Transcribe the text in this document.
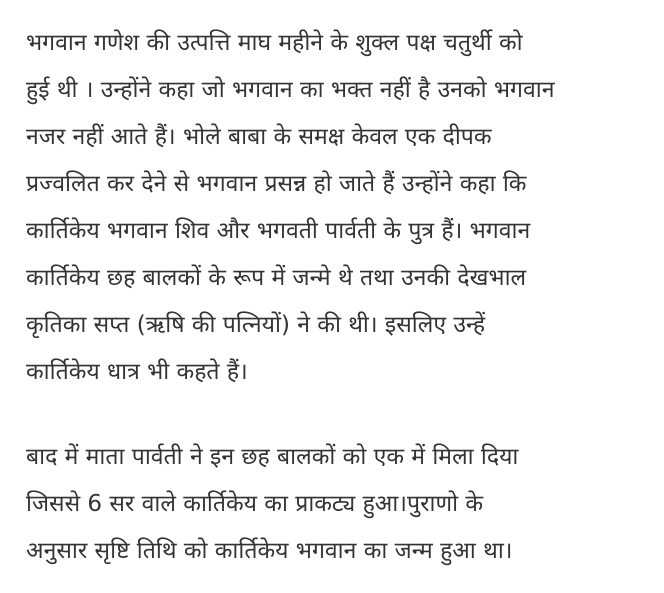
भगवान गणेश की उत्पत्ति माघ महीने के शुक्ल पक्ष चतुर्थी को
हुई थी । उन्होंने कहा जो भगवान का भक्त नहीं है उनको भगवान
नजर नहीं आते हैं। भोले बाबा के समक्ष केवल एक दीपक
प्रज्वलित कर देने से भगवान प्रसन्न हो जाते हैं उन्होंने कहा कि
कार्तिकेय भगवान शिव और भगवती पार्वती के पुत्र हैं। भगवान
कार्तिकेय छह बालकों के रूप में जन्मे थे तथा उनकी देखभाल
कृतिका सप्त (ऋषि की पत्नियों) ने की थी। इसलिए उन्हें
कार्तिकेय धात्र भी कहते हैं।
बाद में माता पार्वती ने इन छह बालकों को एक में मिला दिया
जिससे 6 सर वाले कार्तिकेय का प्राकट्य हुआ।पुराणो के
अनुसार सृष्टि तिथि को कार्तिकेय भगवान का जन्म हुआ था।
